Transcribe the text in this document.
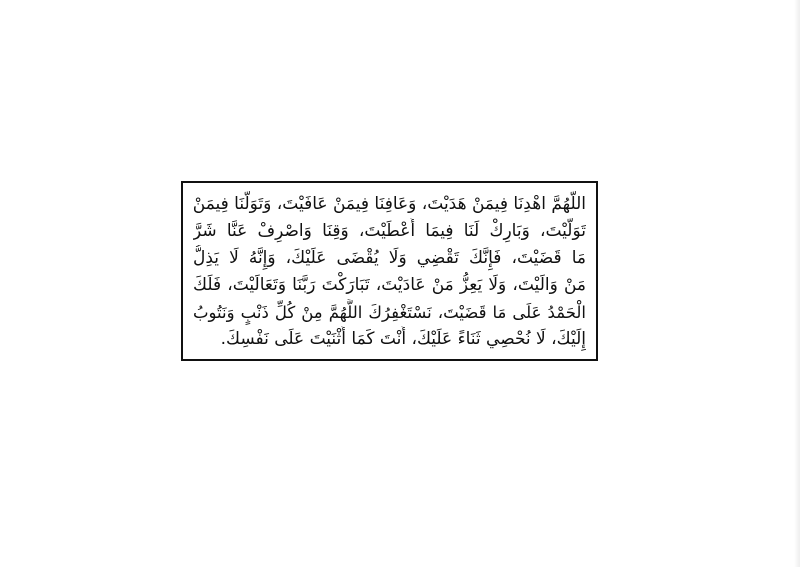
اللَّهُمَّ اهْدِنَا فِيمَنْ هَدَيْتَ، وَعَافِنَا فِيمَنْ عَافَيْتَ، وَتَوَلَّنَا فِيمَنْ
تَوَلَّيْتَ، وَبَارِكْ لَنَا فِيمَا أَعْطَيْتَ، وَقِنَا وَاصْرِفْ عَنَّا شَرَّ
مَا قَضَيْتَ، فَإِنَّكَ تَقْضِي وَلَا يُقْضَى عَلَيْكَ، وَإِنَّهُ لَا يَذِلُّ
مَنْ وَالَيْتَ، وَلَا يَعِزُّ مَنْ عَادَيْتَ، تَبَارَكْتَ رَبَّنَا وَتَعَالَيْتَ، فَلَكَ
الْحَمْدُ عَلَى مَا قَضَيْتَ، نَسْتَغْفِرُكَ اللَّهُمَّ مِنْ كُلِّ ذَنْبٍ وَنَتُوبُ
إِلَيْكَ، لَا نُحْصِي ثَنَاءً عَلَيْكَ، أَنْتَ كَمَا أَثْنَيْتَ عَلَى نَفْسِكَ.
